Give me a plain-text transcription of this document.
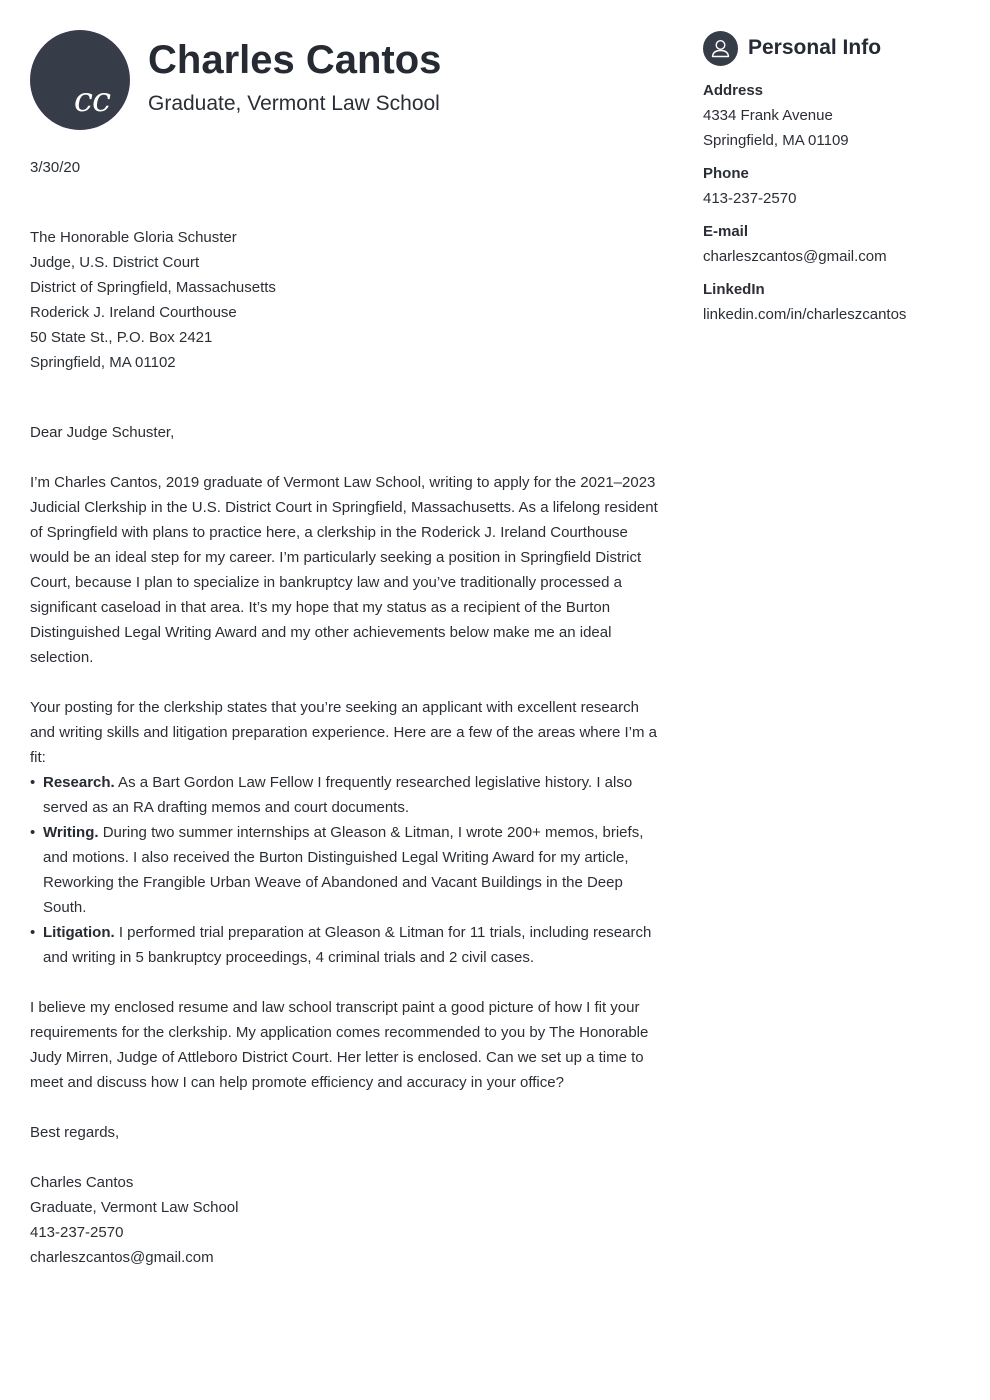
cc
Charles Cantos
Graduate, Vermont Law School
3/30/20
The Honorable Gloria Schuster
Judge, U.S. District Court
District of Springfield, Massachusetts
Roderick J. Ireland Courthouse
50 State St., P.O. Box 2421
Springfield, MA 01102
Dear Judge Schuster,
I’m Charles Cantos, 2019 graduate of Vermont Law School, writing to apply for the 2021–2023 Judicial Clerkship in the U.S. District Court in Springfield, Massachusetts. As a lifelong resident of Springfield with plans to practice here, a clerkship in the Roderick J. Ireland Courthouse would be an ideal step for my career. I’m particularly seeking a position in Springfield District Court, because I plan to specialize in bankruptcy law and you’ve traditionally processed a significant caseload in that area. It’s my hope that my status as a recipient of the Burton Distinguished Legal Writing Award and my other achievements below make me an ideal selection.
Your posting for the clerkship states that you’re seeking an applicant with excellent research and writing skills and litigation preparation experience. Here are a few of the areas where I’m a fit:
• Research. As a Bart Gordon Law Fellow I frequently researched legislative history. I also served as an RA drafting memos and court documents.
• Writing. During two summer internships at Gleason & Litman, I wrote 200+ memos, briefs, and motions. I also received the Burton Distinguished Legal Writing Award for my article, Reworking the Frangible Urban Weave of Abandoned and Vacant Buildings in the Deep South.
• Litigation. I performed trial preparation at Gleason & Litman for 11 trials, including research and writing in 5 bankruptcy proceedings, 4 criminal trials and 2 civil cases.
I believe my enclosed resume and law school transcript paint a good picture of how I fit your requirements for the clerkship. My application comes recommended to you by The Honorable Judy Mirren, Judge of Attleboro District Court. Her letter is enclosed. Can we set up a time to meet and discuss how I can help promote efficiency and accuracy in your office?
Best regards,
Charles Cantos
Graduate, Vermont Law School
413-237-2570
charleszcantos@gmail.com
Personal Info
Address
4334 Frank Avenue
Springfield, MA 01109
Phone
413-237-2570
E-mail
charleszcantos@gmail.com
LinkedIn
linkedin.com/in/charleszcantos
